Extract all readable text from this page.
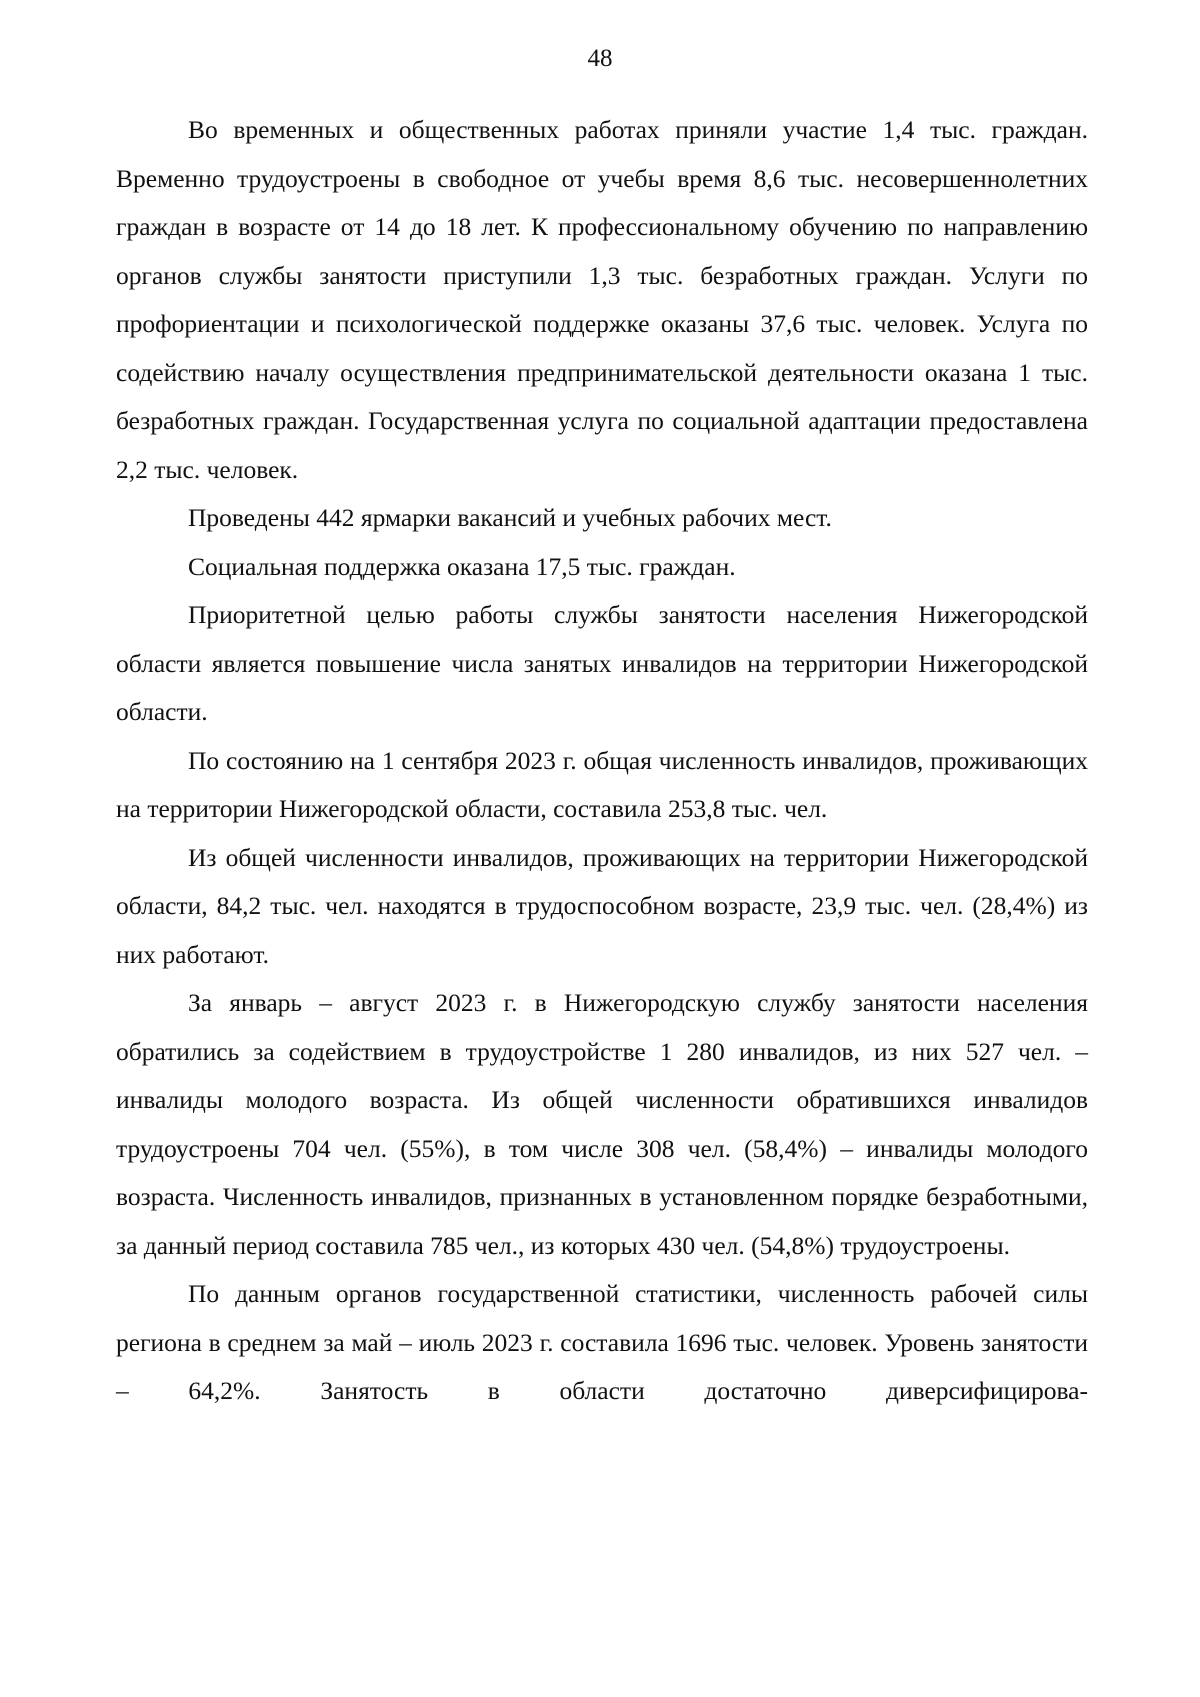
48

Во временных и общественных работах приняли участие 1,4 тыс. граждан. Временно трудоустроены в свободное от учебы время 8,6 тыс. несовершеннолетних граждан в возрасте от 14 до 18 лет. К профессиональному обучению по направлению органов службы занятости приступили 1,3 тыс. безработных граждан. Услуги по профориентации и психологической поддержке оказаны 37,6 тыс. человек. Услуга по содействию началу осуществления предпринимательской деятельности оказана 1 тыс. безработных граждан. Государственная услуга по социальной адаптации предоставлена 2,2 тыс. человек.

Проведены 442 ярмарки вакансий и учебных рабочих мест.

Социальная поддержка оказана 17,5 тыс. граждан.

Приоритетной целью работы службы занятости населения Нижегородской области является повышение числа занятых инвалидов на территории Нижегородской области.

По состоянию на 1 сентября 2023 г. общая численность инвалидов, проживающих на территории Нижегородской области, составила 253,8 тыс. чел.

Из общей численности инвалидов, проживающих на территории Нижегородской области, 84,2 тыс. чел. находятся в трудоспособном возрасте, 23,9 тыс. чел. (28,4%) из них работают.

За январь – август 2023 г. в Нижегородскую службу занятости населения обратились за содействием в трудоустройстве 1 280 инвалидов, из них 527 чел. – инвалиды молодого возраста. Из общей численности обратившихся инвалидов трудоустроены 704 чел. (55%), в том числе 308 чел. (58,4%) – инвалиды молодого возраста. Численность инвалидов, признанных в установленном порядке безработными, за данный период составила 785 чел., из которых 430 чел. (54,8%) трудоустроены.

По данным органов государственной статистики, численность рабочей силы региона в среднем за май – июль 2023 г. составила 1696 тыс. человек. Уровень занятости – 64,2%. Занятость в области достаточно диверсифицирова-
